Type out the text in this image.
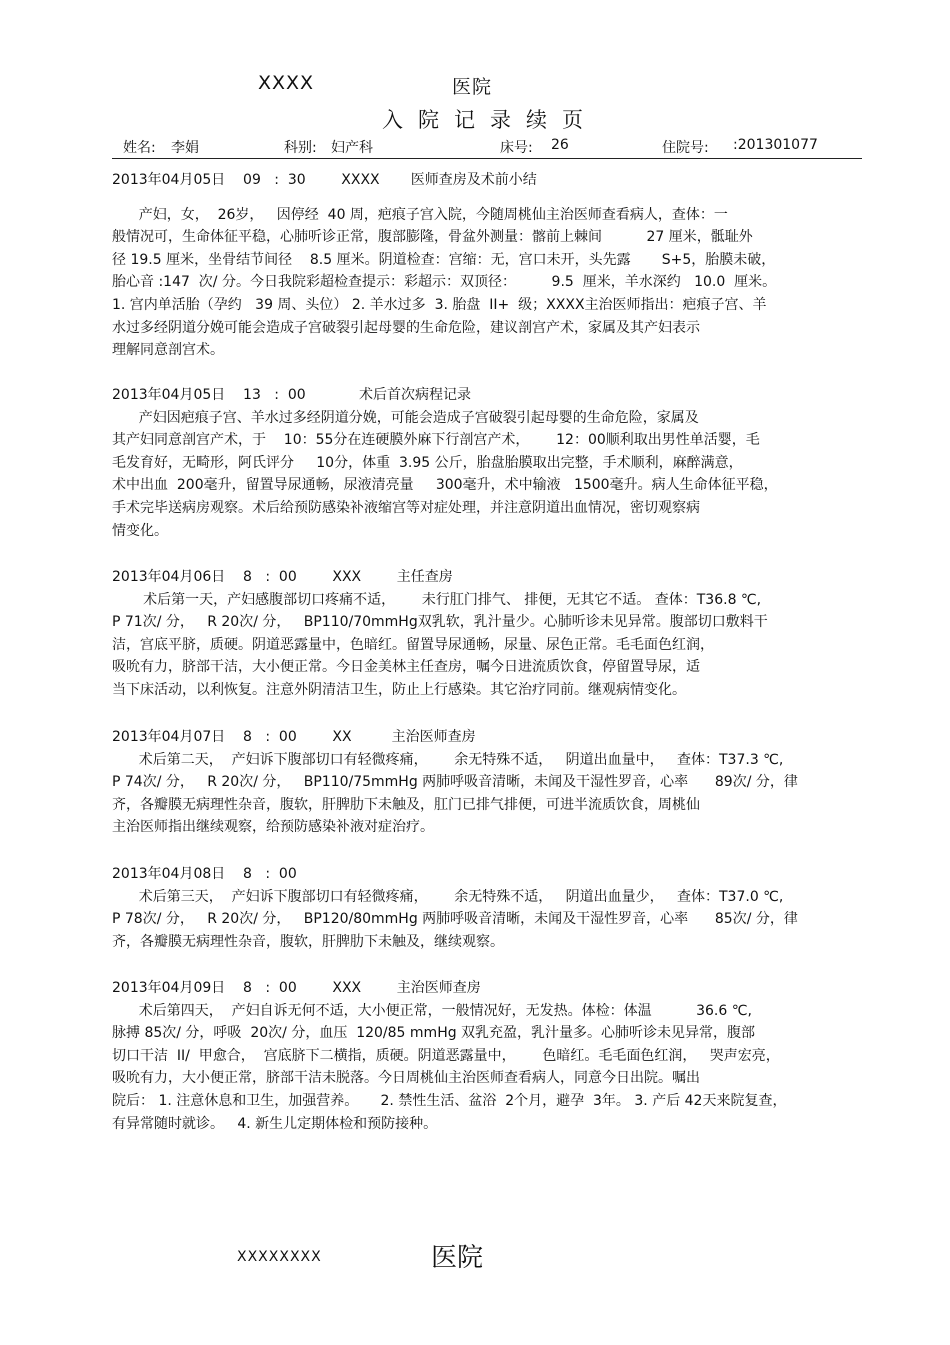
XXXX	医院
入院记录续页
姓名: 李娟	科别: 妇产科	床号: 26	住院号: :201301077
2013年04月05日    09   :  30        XXXX       医师查房及术前小结

产妇，女，  26岁，   因停经  40 周，疤痕子宫入院，今随周桃仙主治医师查看病人，查体：一

般情况可，生命体征平稳，心肺听诊正常，腹部膨隆，骨盆外测量：髂前上棘间          27 厘米，骶耻外

径 19.5 厘米，坐骨结节间径    8.5 厘米。阴道检查：宫缩：无，宫口未开，头先露       S+5，胎膜未破，

胎心音 :147  次/ 分。今日我院彩超检查提示：彩超示：双顶径：        9.5  厘米，羊水深约   10.0  厘米。

1. 宫内单活胎（孕约   39 周、头位） 2. 羊水过多  3. 胎盘  II+  级；XXXX主治医师指出：疤痕子宫、羊

水过多经阴道分娩可能会造成子宫破裂引起母婴的生命危险，建议剖宫产术，家属及其产妇表示

理解同意剖宫术。

2013年04月05日    13   :  00            术后首次病程记录

产妇因疤痕子宫、羊水过多经阴道分娩，可能会造成子宫破裂引起母婴的生命危险，家属及

其产妇同意剖宫产术，于    10：55分在连硬膜外麻下行剖宫产术，      12：00顺利取出男性单活婴，毛

毛发育好，无畸形，阿氏评分     10分，体重  3.95 公斤，胎盘胎膜取出完整，手术顺利，麻醉满意，

术中出血  200毫升，留置导尿通畅，尿液清亮量     300毫升，术中输液   1500毫升。病人生命体征平稳，

手术完毕送病房观察。术后给预防感染补液缩宫等对症处理，并注意阴道出血情况，密切观察病

情变化。

2013年04月06日    8   :  00        XXX        主任查房

术后第一天，产妇感腹部切口疼痛不适，      未行肛门排气、 排便，无其它不适。 查体：T36.8 ℃,

P 71次/ 分，   R 20次/ 分，   BP110/70mmHg双乳软，乳汁量少。心肺听诊未见异常。腹部切口敷料干

洁，宫底平脐，质硬。阴道恶露量中，色暗红。留置导尿通畅，尿量、尿色正常。毛毛面色红润，

吸吮有力，脐部干洁，大小便正常。今日金美林主任查房，嘱今日进流质饮食，停留置导尿，适

当下床活动，以利恢复。注意外阴清洁卫生，防止上行感染。其它治疗同前。继观病情变化。

2013年04月07日    8   :  00        XX         主治医师查房

术后第二天，  产妇诉下腹部切口有轻微疼痛，      余无特殊不适，   阴道出血量中，   查体：T37.3 ℃,

P 74次/ 分，   R 20次/ 分，   BP110/75mmHg 两肺呼吸音清晰，未闻及干湿性罗音，心率      89次/ 分，律

齐，各瓣膜无病理性杂音，腹软，肝脾肋下未触及，肛门已排气排便，可进半流质饮食，周桃仙

主治医师指出继续观察，给预防感染补液对症治疗。

2013年04月08日    8   :  00

术后第三天，  产妇诉下腹部切口有轻微疼痛，      余无特殊不适，   阴道出血量少，   查体：T37.0 ℃,

P 78次/ 分，   R 20次/ 分，   BP120/80mmHg 两肺呼吸音清晰，未闻及干湿性罗音，心率      85次/ 分，律

齐，各瓣膜无病理性杂音，腹软，肝脾肋下未触及，继续观察。

2013年04月09日    8   :  00        XXX        主治医师查房

术后第四天，  产妇自诉无何不适，大小便正常，一般情况好，无发热。体检：体温          36.6 ℃,

脉搏 85次/ 分，呼吸  20次/ 分，血压  120/85 mmHg 双乳充盈，乳汁量多。心肺听诊未见异常，腹部

切口干洁  II/  甲愈合，  宫底脐下二横指，质硬。阴道恶露量中，      色暗红。毛毛面色红润，   哭声宏亮，

吸吮有力，大小便正常，脐部干洁未脱落。今日周桃仙主治医师查看病人，同意今日出院。嘱出

院后： 1. 注意休息和卫生，加强营养。     2. 禁性生活、盆浴  2个月，避孕  3年。 3. 产后 42天来院复查，

有异常随时就诊。   4. 新生儿定期体检和预防接种。

XXXXXXXX	医院
